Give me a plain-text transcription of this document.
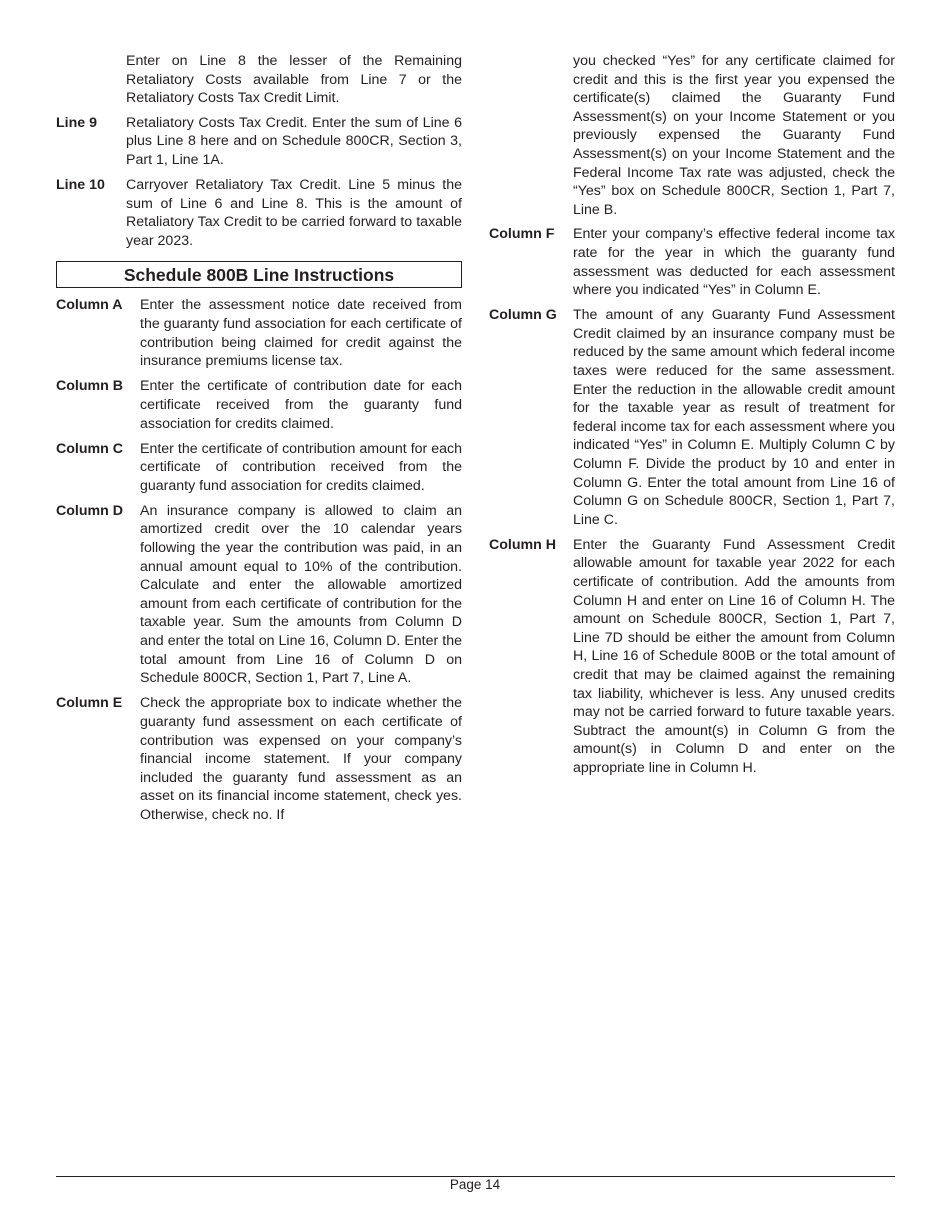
Enter on Line 8 the lesser of the Remaining Retaliatory Costs available from Line 7 or the Retaliatory Costs Tax Credit Limit.

Line 9	Retaliatory Costs Tax Credit. Enter the sum of Line 6 plus Line 8 here and on Schedule 800CR, Section 3, Part 1, Line 1A.
Line 10	Carryover Retaliatory Tax Credit. Line 5 minus the sum of Line 6 and Line 8. This is the amount of Retaliatory Tax Credit to be carried forward to taxable year 2023.
Schedule 800B Line Instructions
Column A	Enter the assessment notice date received from the guaranty fund association for each certificate of contribution being claimed for credit against the insurance premiums license tax.
Column B	Enter the certificate of contribution date for each certificate received from the guaranty fund association for credits claimed.
Column C	Enter the certificate of contribution amount for each certificate of contribution received from the guaranty fund association for credits claimed.
Column D	An insurance company is allowed to claim an amortized credit over the 10 calendar years following the year the contribution was paid, in an annual amount equal to 10% of the contribution. Calculate and enter the allowable amortized amount from each certificate of contribution for the taxable year. Sum the amounts from Column D and enter the total on Line 16, Column D. Enter the total amount from Line 16 of Column D on Schedule 800CR, Section 1, Part 7, Line A.
Column E	Check the appropriate box to indicate whether the guaranty fund assessment on each certificate of contribution was expensed on your company’s financial income statement. If your company included the guaranty fund assessment as an asset on its financial income statement, check yes. Otherwise, check no. If

you checked “Yes” for any certificate claimed for credit and this is the first year you expensed the certificate(s) claimed the Guaranty Fund Assessment(s) on your Income Statement or you previously expensed the Guaranty Fund Assessment(s) on your Income Statement and the Federal Income Tax rate was adjusted, check the “Yes” box on Schedule 800CR, Section 1, Part 7, Line B.

Column F	Enter your company’s effective federal income tax rate for the year in which the guaranty fund assessment was deducted for each assessment where you indicated “Yes” in Column E.
Column G	The amount of any Guaranty Fund Assessment Credit claimed by an insurance company must be reduced by the same amount which federal income taxes were reduced for the same assessment. Enter the reduction in the allowable credit amount for the taxable year as result of treatment for federal income tax for each assessment where you indicated “Yes” in Column E. Multiply Column C by Column F. Divide the product by 10 and enter in Column G. Enter the total amount from Line 16 of Column G on Schedule 800CR, Section 1, Part 7, Line C.
Column H	Enter the Guaranty Fund Assessment Credit allowable amount for taxable year 2022 for each certificate of contribution. Add the amounts from Column H and enter on Line 16 of Column H. The amount on Schedule 800CR, Section 1, Part 7, Line 7D should be either the amount from Column H, Line 16 of Schedule 800B or the total amount of credit that may be claimed against the remaining tax liability, whichever is less. Any unused credits may not be carried forward to future taxable years. Subtract the amount(s) in Column G from the amount(s) in Column D and enter on the appropriate line in Column H.
Page 14
